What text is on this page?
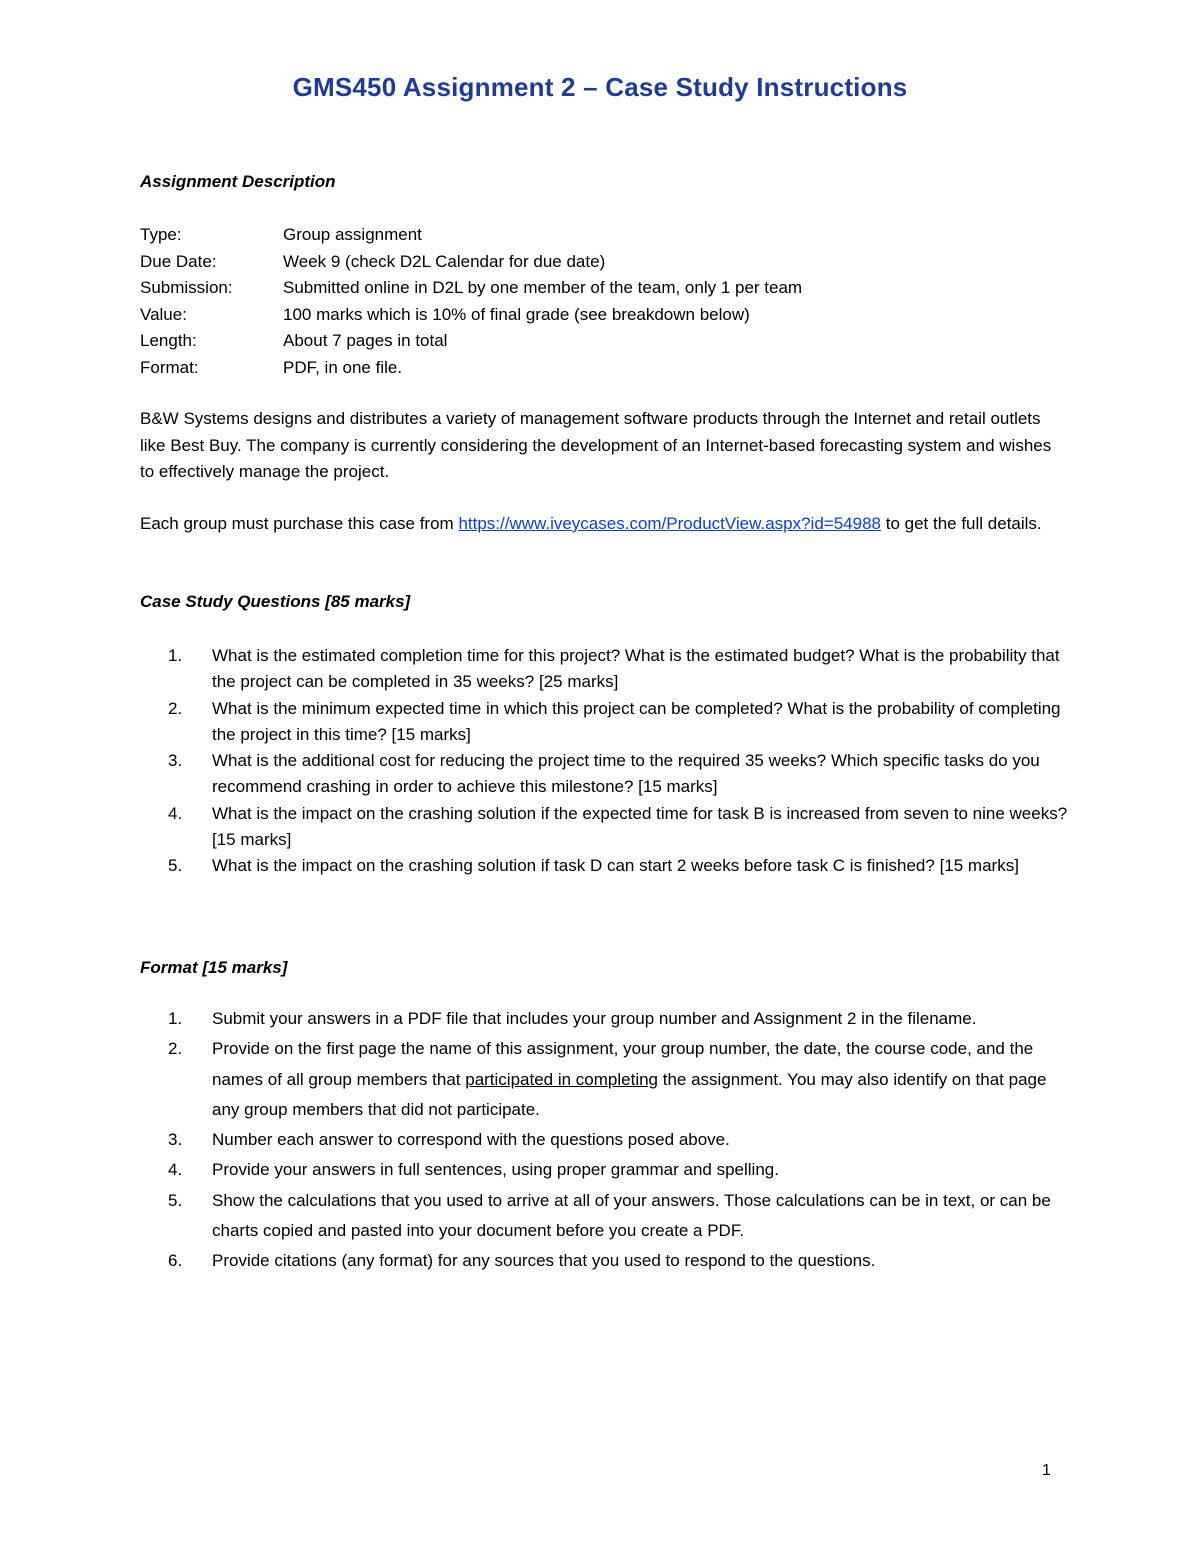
GMS450 Assignment 2 – Case Study Instructions
Assignment Description
Type:	Group assignment
Due Date:	Week 9 (check D2L Calendar for due date)
Submission:	Submitted online in D2L by one member of the team, only 1 per team
Value:	100 marks which is 10% of final grade (see breakdown below)
Length:	About 7 pages in total
Format:	PDF, in one file.
B&W Systems designs and distributes a variety of management software products through the Internet and retail outlets like Best Buy. The company is currently considering the development of an Internet-based forecasting system and wishes to effectively manage the project.
Each group must purchase this case from https://www.iveycases.com/ProductView.aspx?id=54988 to get the full details.
Case Study Questions [85 marks]
1.	What is the estimated completion time for this project? What is the estimated budget? What is the probability that the project can be completed in 35 weeks? [25 marks]
2.	What is the minimum expected time in which this project can be completed? What is the probability of completing the project in this time? [15 marks]
3.	What is the additional cost for reducing the project time to the required 35 weeks? Which specific tasks do you recommend crashing in order to achieve this milestone? [15 marks]
4.	What is the impact on the crashing solution if the expected time for task B is increased from seven to nine weeks? [15 marks]
5.	What is the impact on the crashing solution if task D can start 2 weeks before task C is finished? [15 marks]
Format [15 marks]
1.	Submit your answers in a PDF file that includes your group number and Assignment 2 in the filename.
2.	Provide on the first page the name of this assignment, your group number, the date, the course code, and the names of all group members that participated in completing the assignment. You may also identify on that page any group members that did not participate.
3.	Number each answer to correspond with the questions posed above.
4.	Provide your answers in full sentences, using proper grammar and spelling.
5.	Show the calculations that you used to arrive at all of your answers. Those calculations can be in text, or can be charts copied and pasted into your document before you create a PDF.
6.	Provide citations (any format) for any sources that you used to respond to the questions.
1
